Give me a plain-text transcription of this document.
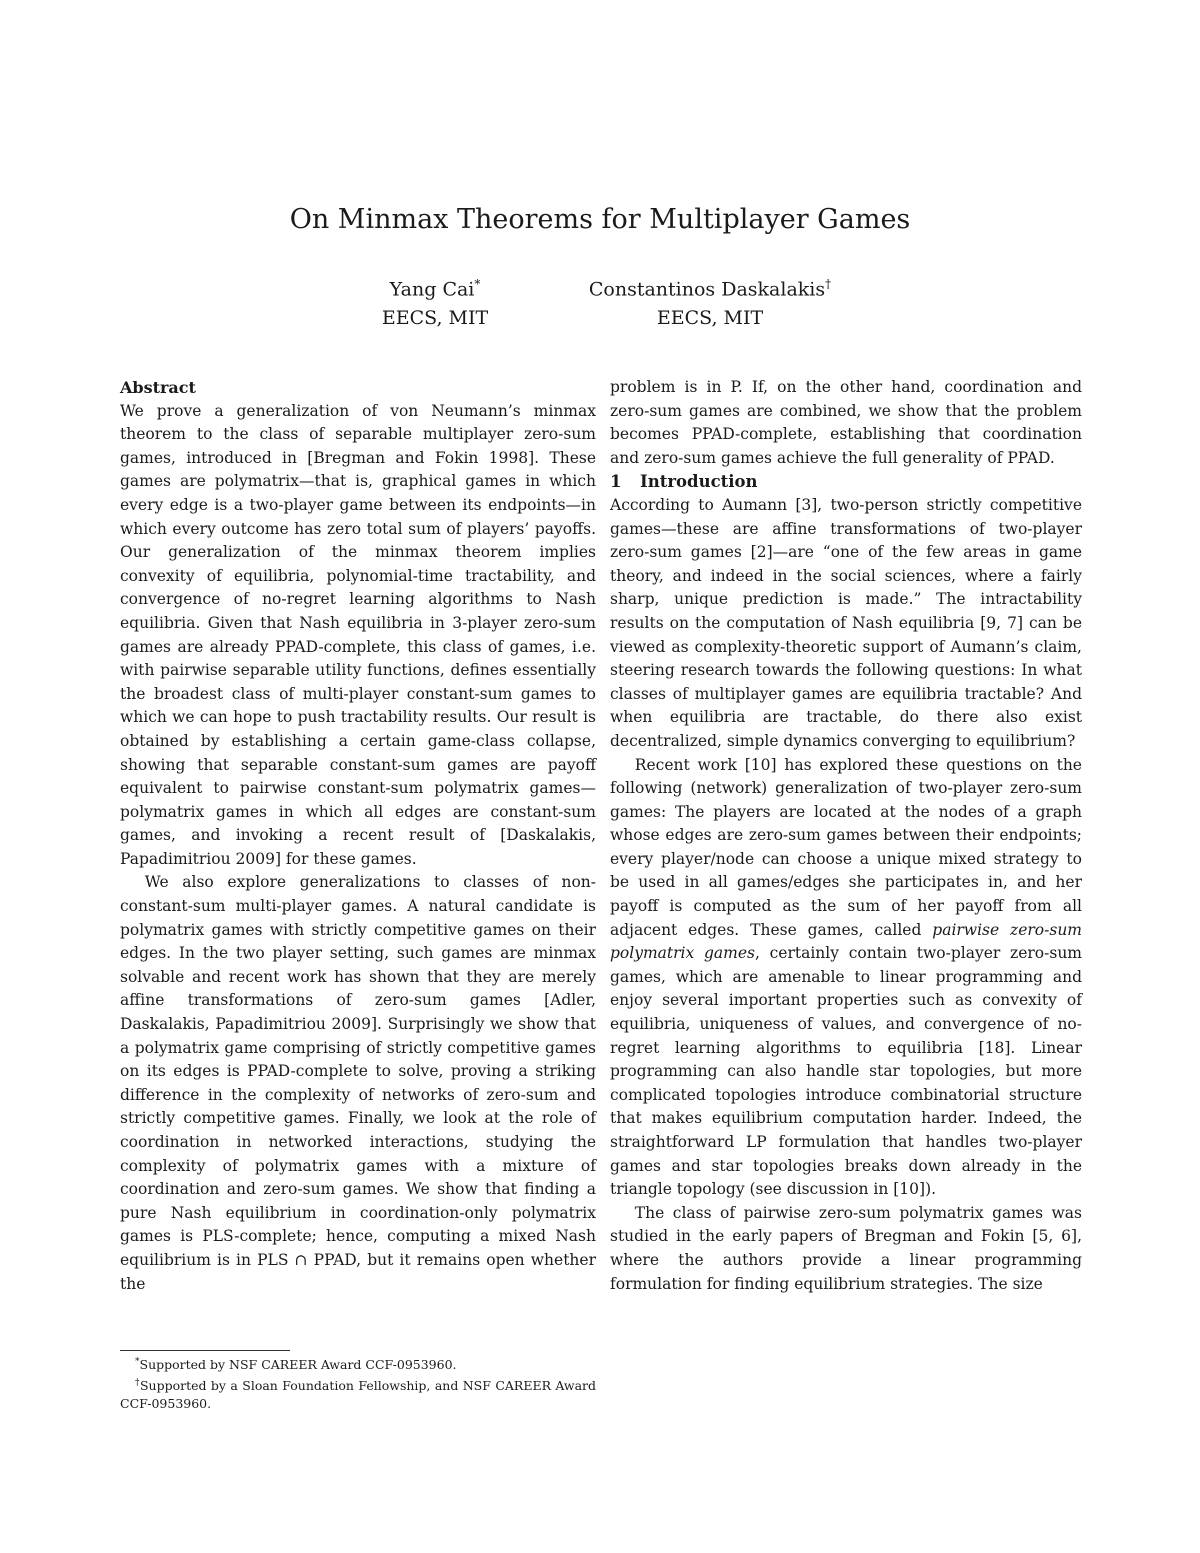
On Minmax Theorems for Multiplayer Games
Yang Cai*
EECS, MIT
Constantinos Daskalakis†
EECS, MIT

Abstract

We prove a generalization of von Neumann’s minmax theorem to the class of separable multiplayer zero-sum games, introduced in [Bregman and Fokin 1998]. These games are polymatrix—that is, graphical games in which every edge is a two-player game between its endpoints—in which every outcome has zero total sum of players’ payoffs. Our generalization of the minmax theorem implies convexity of equilibria, polynomial-time tractability, and convergence of no-regret learning algorithms to Nash equilibria. Given that Nash equilibria in 3-player zero-sum games are already PPAD-complete, this class of games, i.e. with pairwise separable utility functions, defines essentially the broadest class of multi-player constant-sum games to which we can hope to push tractability results. Our result is obtained by establishing a certain game-class collapse, showing that separable constant-sum games are payoff equivalent to pairwise constant-sum polymatrix games—polymatrix games in which all edges are constant-sum games, and invoking a recent result of [Daskalakis, Papadimitriou 2009] for these games.

We also explore generalizations to classes of non-constant-sum multi-player games. A natural candidate is polymatrix games with strictly competitive games on their edges. In the two player setting, such games are minmax solvable and recent work has shown that they are merely affine transformations of zero-sum games [Adler, Daskalakis, Papadimitriou 2009]. Surprisingly we show that a polymatrix game comprising of strictly competitive games on its edges is PPAD-complete to solve, proving a striking difference in the complexity of networks of zero-sum and strictly competitive games. Finally, we look at the role of coordination in networked interactions, studying the complexity of polymatrix games with a mixture of coordination and zero-sum games. We show that finding a pure Nash equilibrium in coordination-only polymatrix games is PLS-complete; hence, computing a mixed Nash equilibrium is in PLS ∩ PPAD, but it remains open whether the

*Supported by NSF CAREER Award CCF-0953960.

†Supported by a Sloan Foundation Fellowship, and NSF CAREER Award CCF-0953960.

problem is in P. If, on the other hand, coordination and zero-sum games are combined, we show that the problem becomes PPAD-complete, establishing that coordination and zero-sum games achieve the full generality of PPAD.

1 Introduction

According to Aumann [3], two-person strictly competitive games—these are affine transformations of two-player zero-sum games [2]—are “one of the few areas in game theory, and indeed in the social sciences, where a fairly sharp, unique prediction is made.” The intractability results on the computation of Nash equilibria [9, 7] can be viewed as complexity-theoretic support of Aumann’s claim, steering research towards the following questions: In what classes of multiplayer games are equilibria tractable? And when equilibria are tractable, do there also exist decentralized, simple dynamics converging to equilibrium?

Recent work [10] has explored these questions on the following (network) generalization of two-player zero-sum games: The players are located at the nodes of a graph whose edges are zero-sum games between their endpoints; every player/node can choose a unique mixed strategy to be used in all games/edges she participates in, and her payoff is computed as the sum of her payoff from all adjacent edges. These games, called pairwise zero-sum polymatrix games, certainly contain two-player zero-sum games, which are amenable to linear programming and enjoy several important properties such as convexity of equilibria, uniqueness of values, and convergence of no-regret learning algorithms to equilibria [18]. Linear programming can also handle star topologies, but more complicated topologies introduce combinatorial structure that makes equilibrium computation harder. Indeed, the straightforward LP formulation that handles two-player games and star topologies breaks down already in the triangle topology (see discussion in [10]).

The class of pairwise zero-sum polymatrix games was studied in the early papers of Bregman and Fokin [5, 6], where the authors provide a linear programming formulation for finding equilibrium strategies. The size
